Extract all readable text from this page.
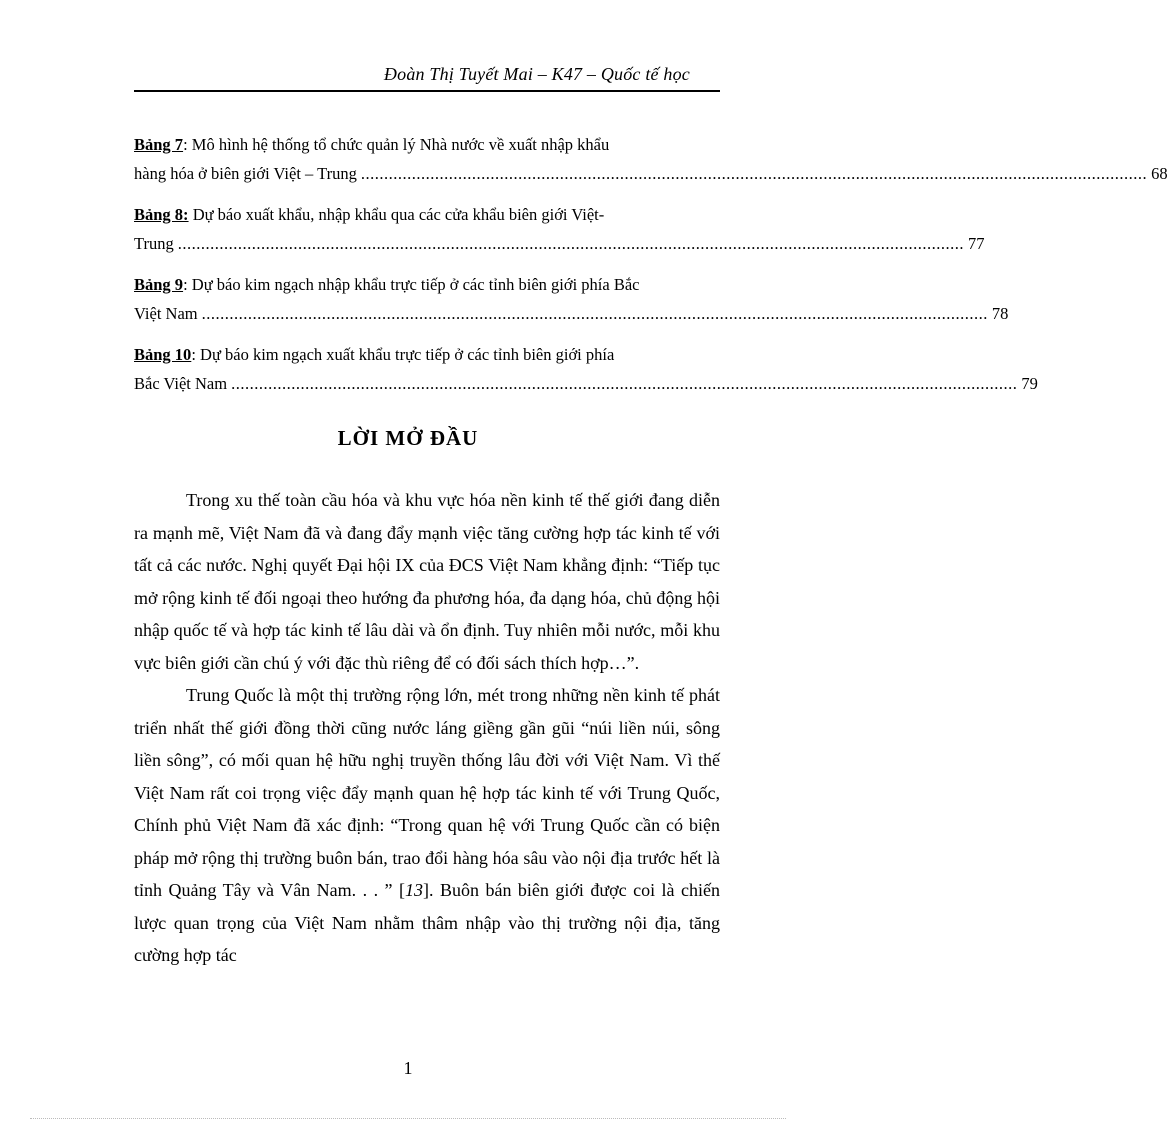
Đoàn Thị Tuyết Mai – K47 – Quốc tế học
Bảng 7: Mô hình hệ thống tổ chức quản lý Nhà nước về xuất nhập khẩu
hàng hóa ở biên giới Việt – Trung .......................................................................................................................................................................... 68
Bảng 8: Dự báo xuất khẩu, nhập khẩu qua các cửa khẩu biên giới Việt-
Trung .......................................................................................................................................................................... 77
Bảng 9: Dự báo kim ngạch nhập khẩu trực tiếp ở các tỉnh biên giới phía Bắc
Việt Nam .......................................................................................................................................................................... 78
Bảng 10: Dự báo kim ngạch xuất khẩu trực tiếp ở các tỉnh biên giới phía
Bắc Việt Nam .......................................................................................................................................................................... 79
LỜI MỞ ĐẦU

Trong xu thế toàn cầu hóa và khu vực hóa nền kinh tế thế giới đang diễn ra mạnh mẽ, Việt Nam đã và đang đẩy mạnh việc tăng cường hợp tác kinh tế với tất cả các nước. Nghị quyết Đại hội IX của ĐCS Việt Nam khẳng định: “Tiếp tục mở rộng kinh tế đối ngoại theo hướng đa phương hóa, đa dạng hóa, chủ động hội nhập quốc tế và hợp tác kinh tế lâu dài và ổn định. Tuy nhiên mỗi nước, mỗi khu vực biên giới cần chú ý với đặc thù riêng để có đối sách thích hợp…”.

Trung Quốc là một thị trường rộng lớn, mét trong những nền kinh tế phát triển nhất thế giới đồng thời cũng nước láng giềng gần gũi “núi liền núi, sông liền sông”, có mối quan hệ hữu nghị truyền thống lâu đời với Việt Nam. Vì thế Việt Nam rất coi trọng việc đẩy mạnh quan hệ hợp tác kinh tế với Trung Quốc, Chính phủ Việt Nam đã xác định: “Trong quan hệ với Trung Quốc cần có biện pháp mở rộng thị trường buôn bán, trao đổi hàng hóa sâu vào nội địa trước hết là tỉnh Quảng Tây và Vân Nam. . . ” [13]. Buôn bán biên giới được coi là chiến lược quan trọng của Việt Nam nhằm thâm nhập vào thị trường nội địa, tăng cường hợp tác

1
